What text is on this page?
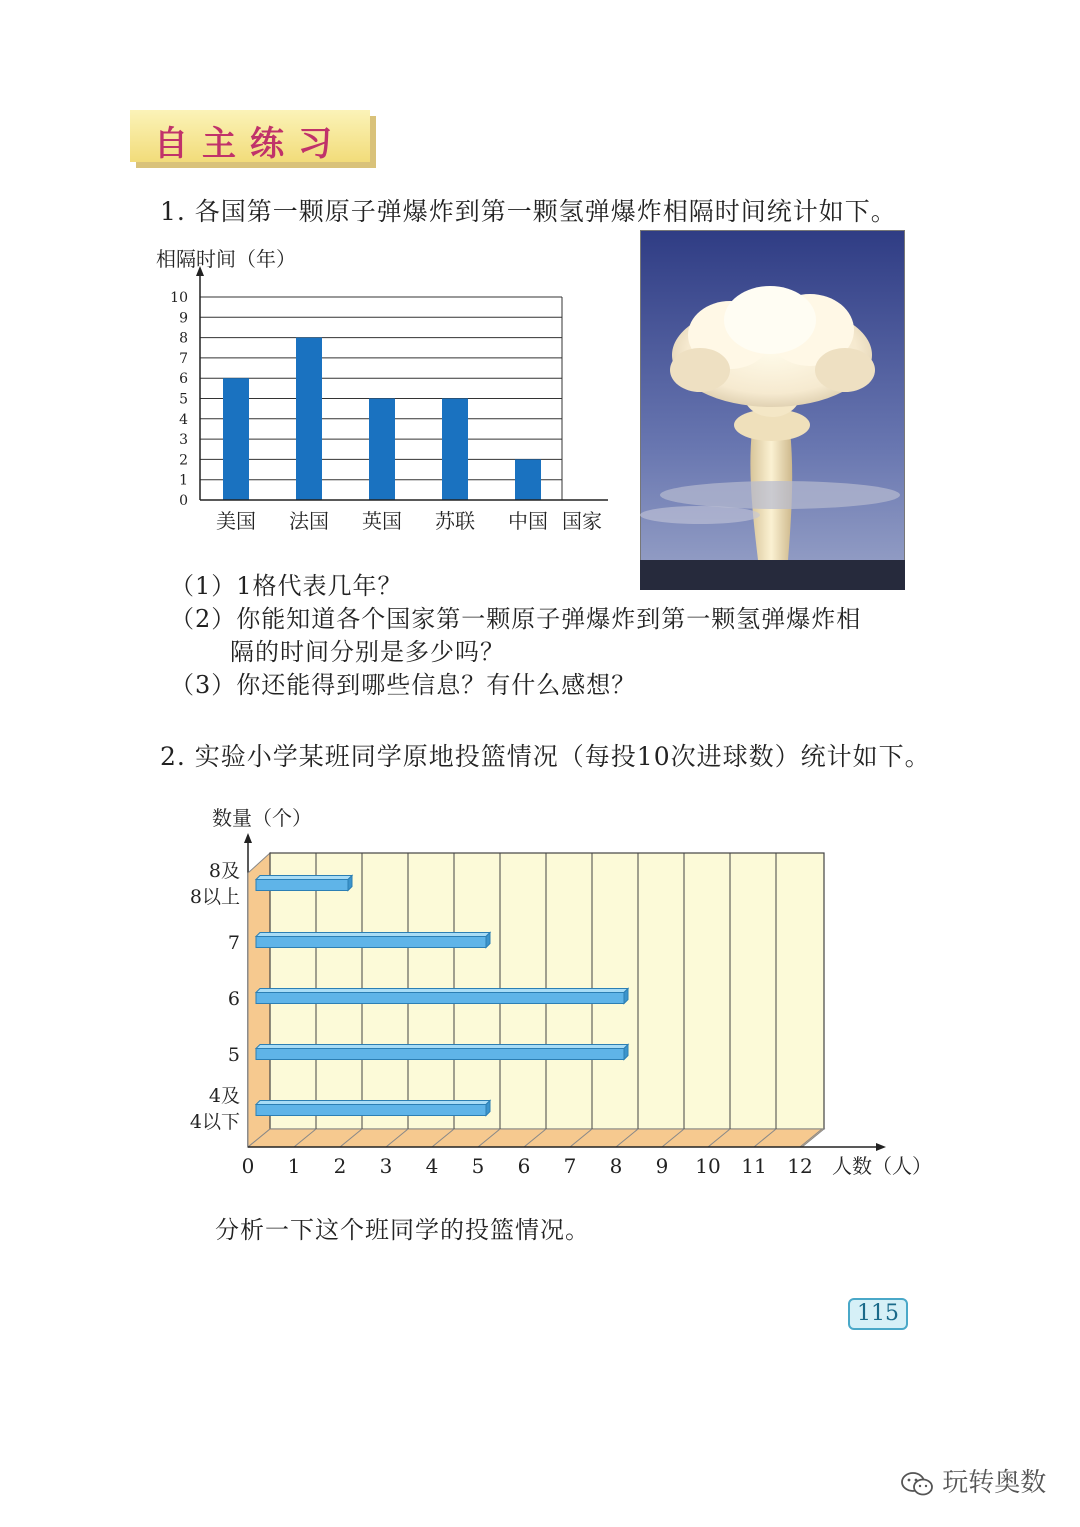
自主练习
1. 各国第一颗原子弹爆炸到第一颗氢弹爆炸相隔时间统计如下。
0
1
2
3
4
5
6
7
8
9
10
美国 法国 英国 苏联 中国
相隔时间（年）
国家
（1）1格代表几年？
（2）你能知道各个国家第一颗原子弹爆炸到第一颗氢弹爆炸相
隔的时间分别是多少吗？
（3）你还能得到哪些信息？有什么感想？
2. 实验小学某班同学原地投篮情况（每投10次进球数）统计如下。
数量（个）
8及
8以上
7
6
5
4及
4以下
0 1 2 3 4 5 6 7 8 9 10 11 12 人数（人）
分析一下这个班同学的投篮情况。
115
玩转奥数
